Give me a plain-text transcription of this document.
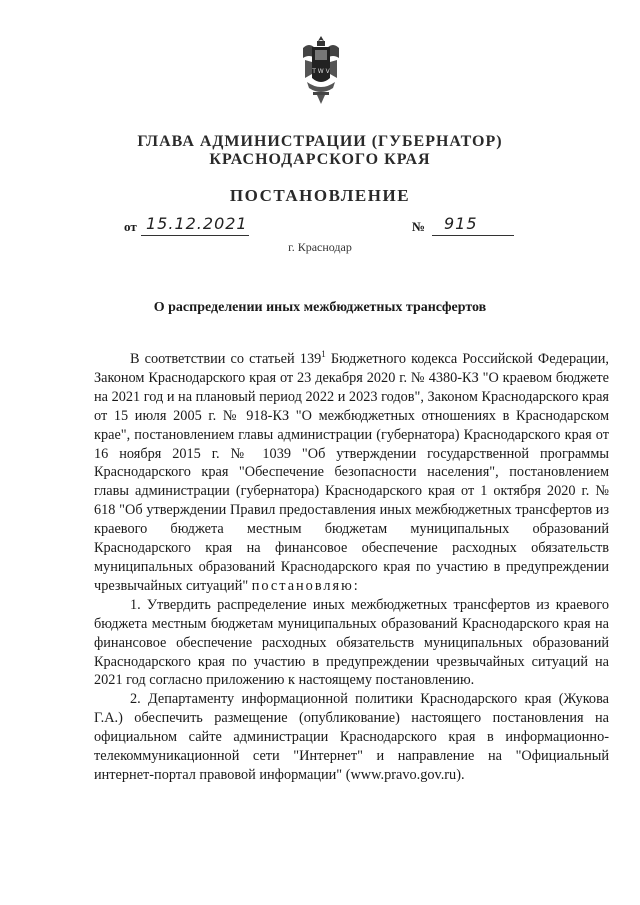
T W V
ГЛАВА АДМИНИСТРАЦИИ (ГУБЕРНАТОР)
КРАСНОДАРСКОГО КРАЯ
ПОСТАНОВЛЕНИЕ
от 15.12.2021	№ 915
г. Краснодар
О распределении иных межбюджетных трансфертов

В соответствии со статьей $139^1$ Бюджетного кодекса Российской Федерации, Законом Краснодарского края от 23 декабря 2020 г. № 4380-КЗ "О краевом бюджете на 2021 год и на плановый период 2022 и 2023 годов", Законом Краснодарского края от 15 июля 2005 г. № 918-КЗ "О межбюджетных отношениях в Краснодарском крае", постановлением главы администрации (губернатора) Краснодарского края от 16 ноября 2015 г. № 1039 "Об утверждении государственной программы Краснодарского края "Обеспечение безопасности населения", постановлением главы администрации (губернатора) Краснодарского края от 1 октября 2020 г. № 618 "Об утверждении Правил предоставления иных межбюджетных трансфертов из краевого бюджета местным бюджетам муниципальных образований Краснодарского края на финансовое обеспечение расходных обязательств муниципальных образований Краснодарского края по участию в предупреждении чрезвычайных ситуаций" постановляю:

1. Утвердить распределение иных межбюджетных трансфертов из краевого бюджета местным бюджетам муниципальных образований Краснодарского края на финансовое обеспечение расходных обязательств муниципальных образований Краснодарского края по участию в предупреждении чрезвычайных ситуаций на 2021 год согласно приложению к настоящему постановлению.

2. Департаменту информационной политики Краснодарского края (Жукова Г.А.) обеспечить размещение (опубликование) настоящего постановления на официальном сайте администрации Краснодарского края в информационно-телекоммуникационной сети "Интернет" и направление на "Официальный интернет-портал правовой информации" (www.pravo.gov.ru).
